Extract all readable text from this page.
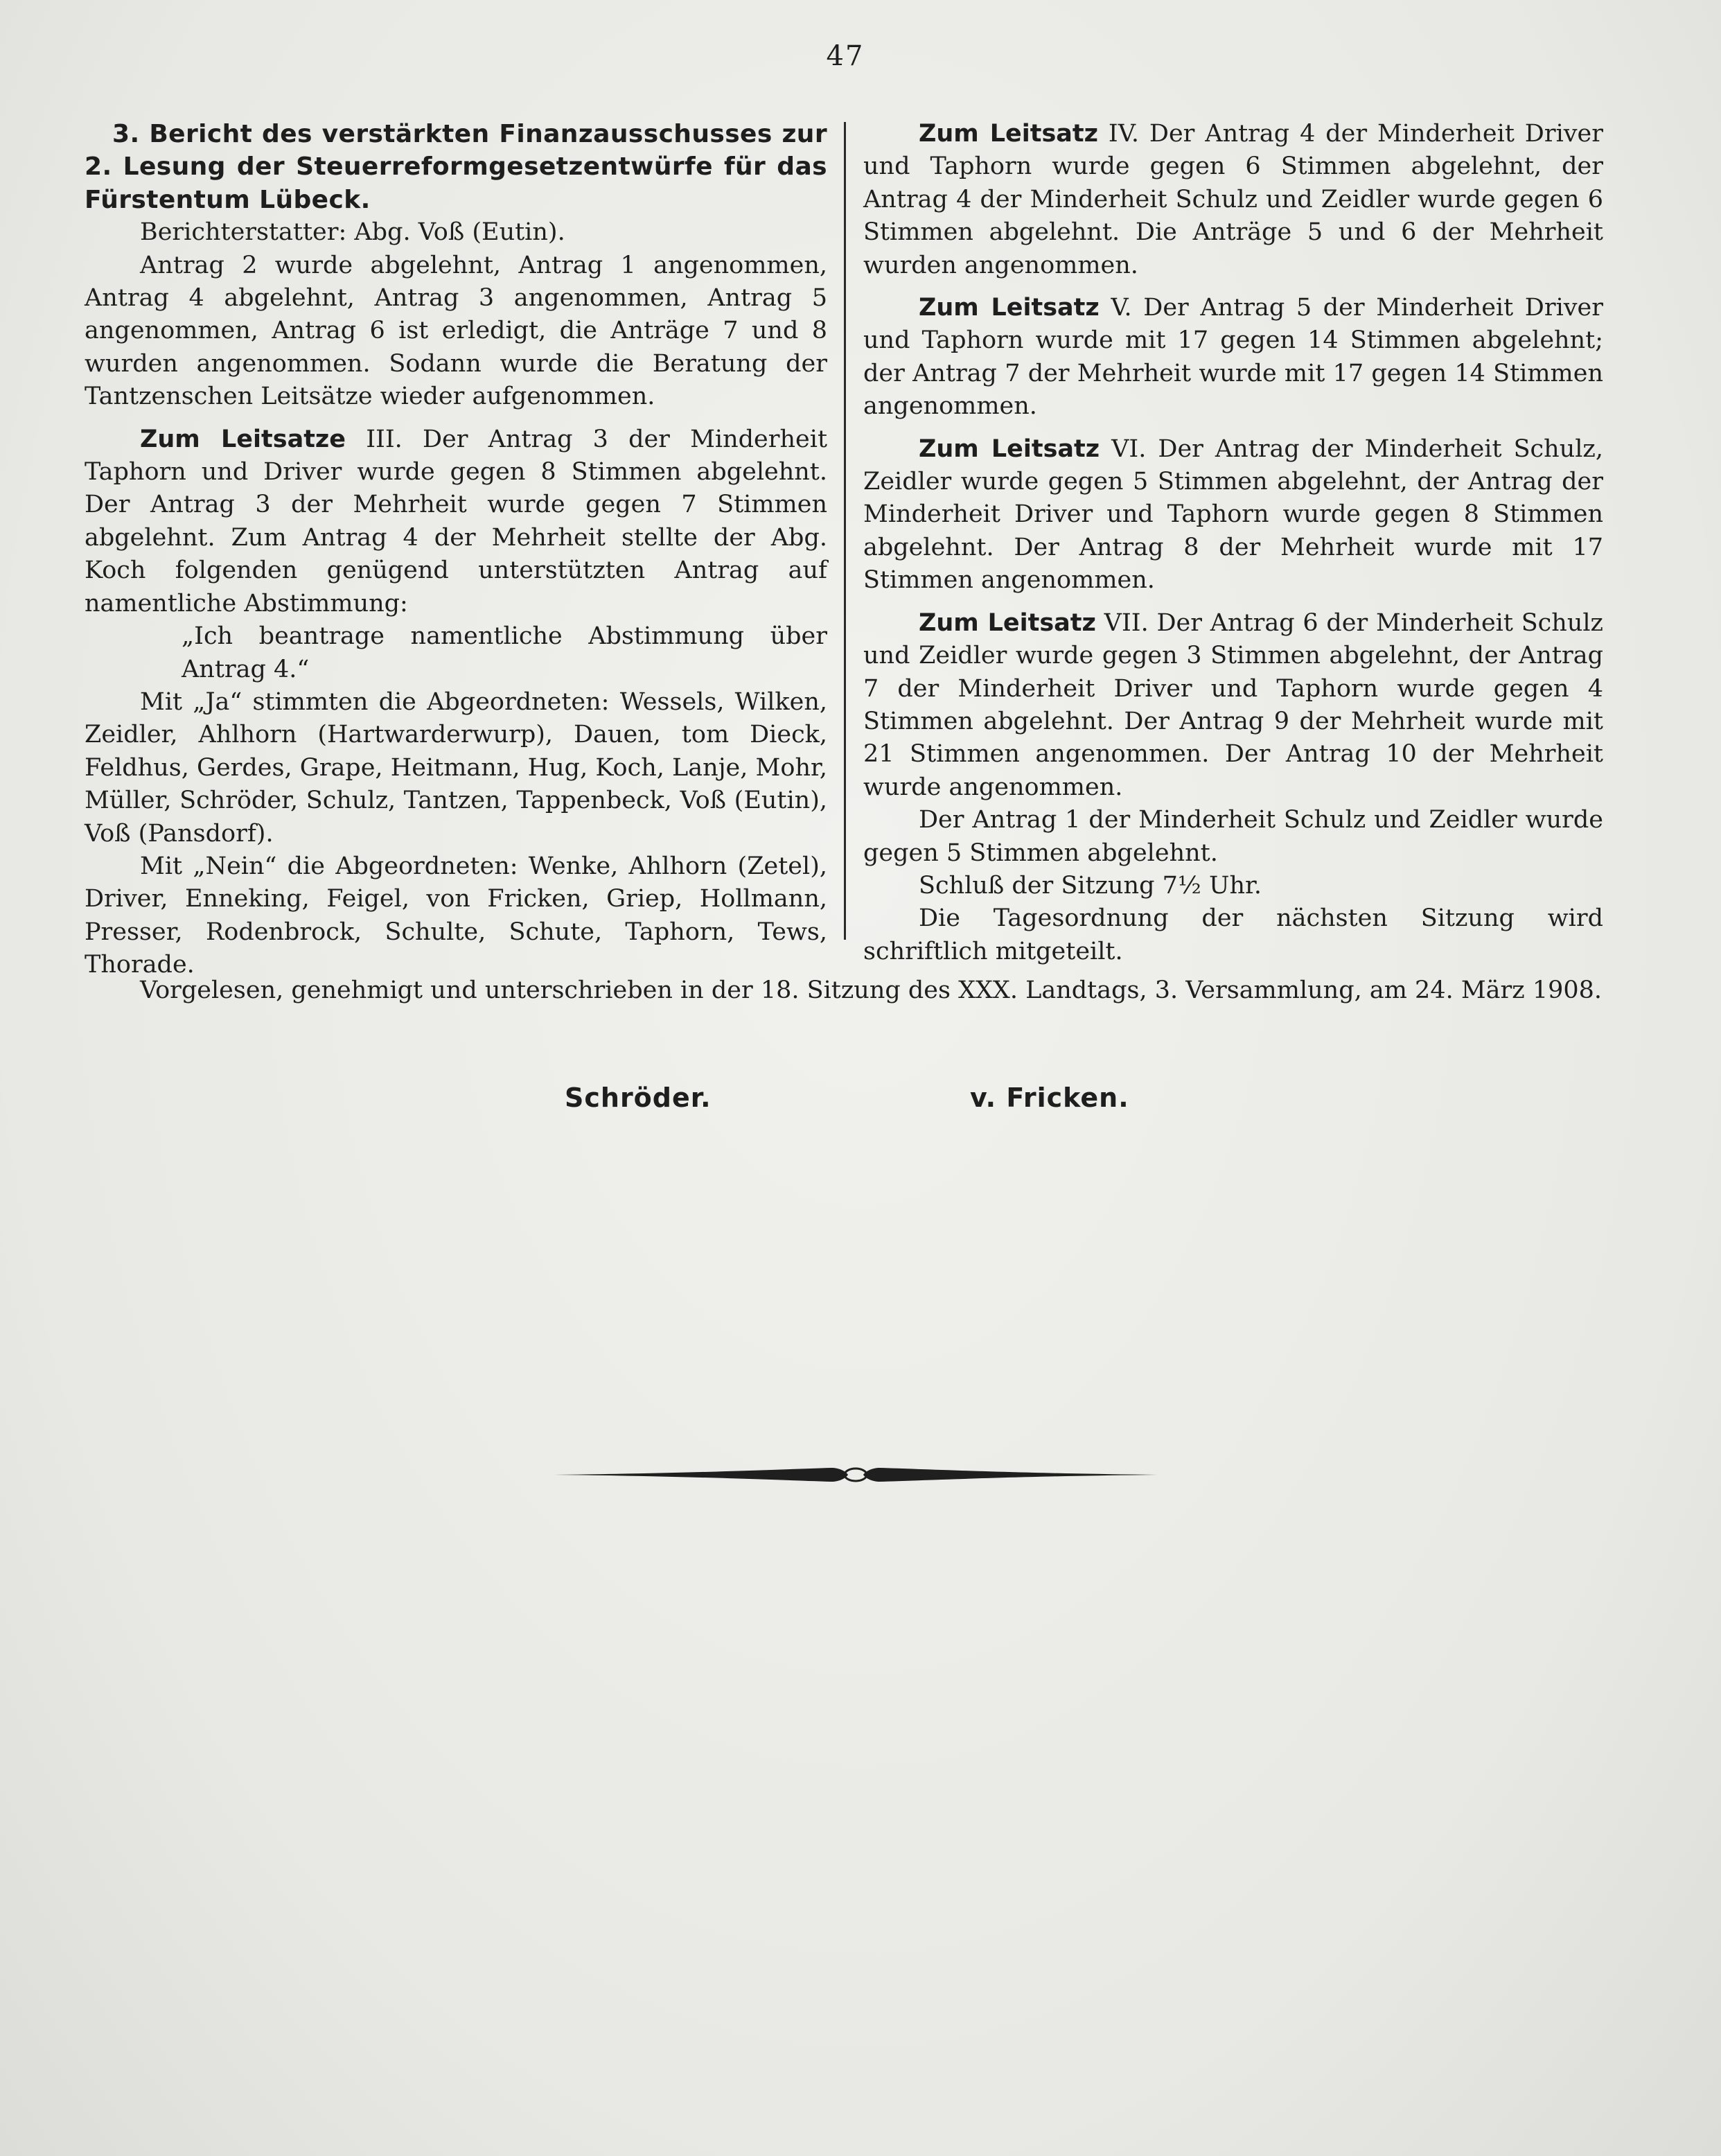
47

3. Bericht des verstärkten Finanzausschusses zur 2. Lesung der Steuerreformgesetzentwürfe für das Fürstentum Lübeck.

Berichterstatter: Abg. Voß (Eutin).

Antrag 2 wurde abgelehnt, Antrag 1 angenommen, Antrag 4 abgelehnt, Antrag 3 angenommen, Antrag 5 angenommen, Antrag 6 ist erledigt, die Anträge 7 und 8 wurden angenommen. Sodann wurde die Beratung der Tantzenschen Leitsätze wieder aufgenommen.

Zum Leitsatze III. Der Antrag 3 der Minderheit Taphorn und Driver wurde gegen 8 Stimmen abgelehnt. Der Antrag 3 der Mehrheit wurde gegen 7 Stimmen abgelehnt. Zum Antrag 4 der Mehrheit stellte der Abg. Koch folgenden genügend unterstützten Antrag auf namentliche Abstimmung:

„Ich beantrage namentliche Abstimmung über Antrag 4.“

Mit „Ja“ stimmten die Abgeordneten: Wessels, Wilken, Zeidler, Ahlhorn (Hartwarderwurp), Dauen, tom Dieck, Feldhus, Gerdes, Grape, Heitmann, Hug, Koch, Lanje, Mohr, Müller, Schröder, Schulz, Tantzen, Tappenbeck, Voß (Eutin), Voß (Pansdorf).

Mit „Nein“ die Abgeordneten: Wenke, Ahlhorn (Zetel), Driver, Enneking, Feigel, von Fricken, Griep, Hollmann, Presser, Rodenbrock, Schulte, Schute, Taphorn, Tews, Thorade.

Zum Leitsatz IV. Der Antrag 4 der Minderheit Driver und Taphorn wurde gegen 6 Stimmen abgelehnt, der Antrag 4 der Minderheit Schulz und Zeidler wurde gegen 6 Stimmen abgelehnt. Die Anträge 5 und 6 der Mehrheit wurden angenommen.

Zum Leitsatz V. Der Antrag 5 der Minderheit Driver und Taphorn wurde mit 17 gegen 14 Stimmen abgelehnt; der Antrag 7 der Mehrheit wurde mit 17 gegen 14 Stimmen angenommen.

Zum Leitsatz VI. Der Antrag der Minderheit Schulz, Zeidler wurde gegen 5 Stimmen abgelehnt, der Antrag der Minderheit Driver und Taphorn wurde gegen 8 Stimmen abgelehnt. Der Antrag 8 der Mehrheit wurde mit 17 Stimmen angenommen.

Zum Leitsatz VII. Der Antrag 6 der Minderheit Schulz und Zeidler wurde gegen 3 Stimmen abgelehnt, der Antrag 7 der Minderheit Driver und Taphorn wurde gegen 4 Stimmen abgelehnt. Der Antrag 9 der Mehrheit wurde mit 21 Stimmen angenommen. Der Antrag 10 der Mehrheit wurde angenommen.

Der Antrag 1 der Minderheit Schulz und Zeidler wurde gegen 5 Stimmen abgelehnt.

Schluß der Sitzung 7½ Uhr.

Die Tagesordnung der nächsten Sitzung wird schriftlich mitgeteilt.

Vorgelesen, genehmigt und unterschrieben in der 18. Sitzung des XXX. Landtags, 3. Versammlung, am 24. März 1908.
Schröder.	v. Fricken.
